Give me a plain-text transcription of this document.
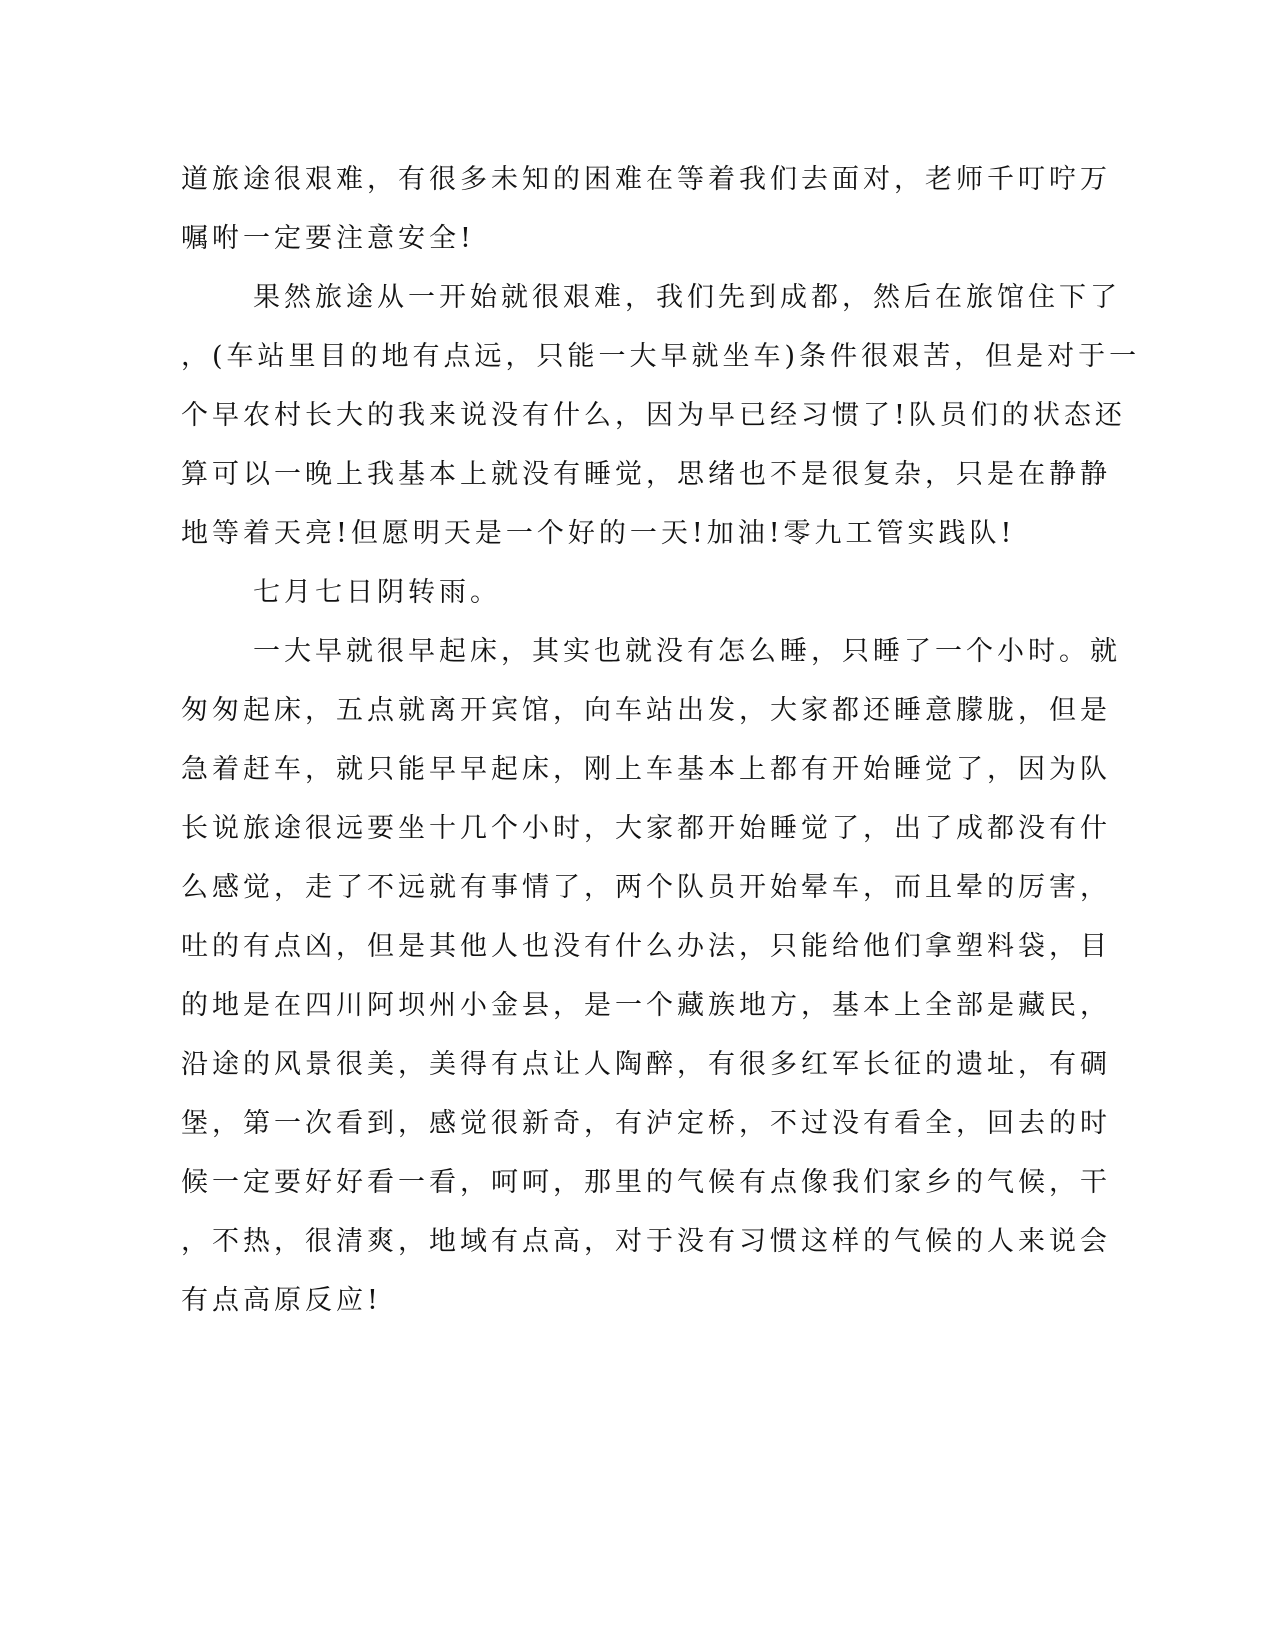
道旅途很艰难，有很多未知的困难在等着我们去面对，老师千叮咛万
嘱咐一定要注意安全!
果然旅途从一开始就很艰难，我们先到成都，然后在旅馆住下了
，(车站里目的地有点远，只能一大早就坐车)条件很艰苦，但是对于一
个早农村长大的我来说没有什么，因为早已经习惯了!队员们的状态还
算可以一晚上我基本上就没有睡觉，思绪也不是很复杂，只是在静静
地等着天亮!但愿明天是一个好的一天!加油!零九工管实践队!
七月七日阴转雨。
一大早就很早起床，其实也就没有怎么睡，只睡了一个小时。就
匆匆起床，五点就离开宾馆，向车站出发，大家都还睡意朦胧，但是
急着赶车，就只能早早起床，刚上车基本上都有开始睡觉了，因为队
长说旅途很远要坐十几个小时，大家都开始睡觉了，出了成都没有什
么感觉，走了不远就有事情了，两个队员开始晕车，而且晕的厉害，
吐的有点凶，但是其他人也没有什么办法，只能给他们拿塑料袋，目
的地是在四川阿坝州小金县，是一个藏族地方，基本上全部是藏民，
沿途的风景很美，美得有点让人陶醉，有很多红军长征的遗址，有碉
堡，第一次看到，感觉很新奇，有泸定桥，不过没有看全，回去的时
候一定要好好看一看，呵呵，那里的气候有点像我们家乡的气候，干
，不热，很清爽，地域有点高，对于没有习惯这样的气候的人来说会
有点高原反应!
